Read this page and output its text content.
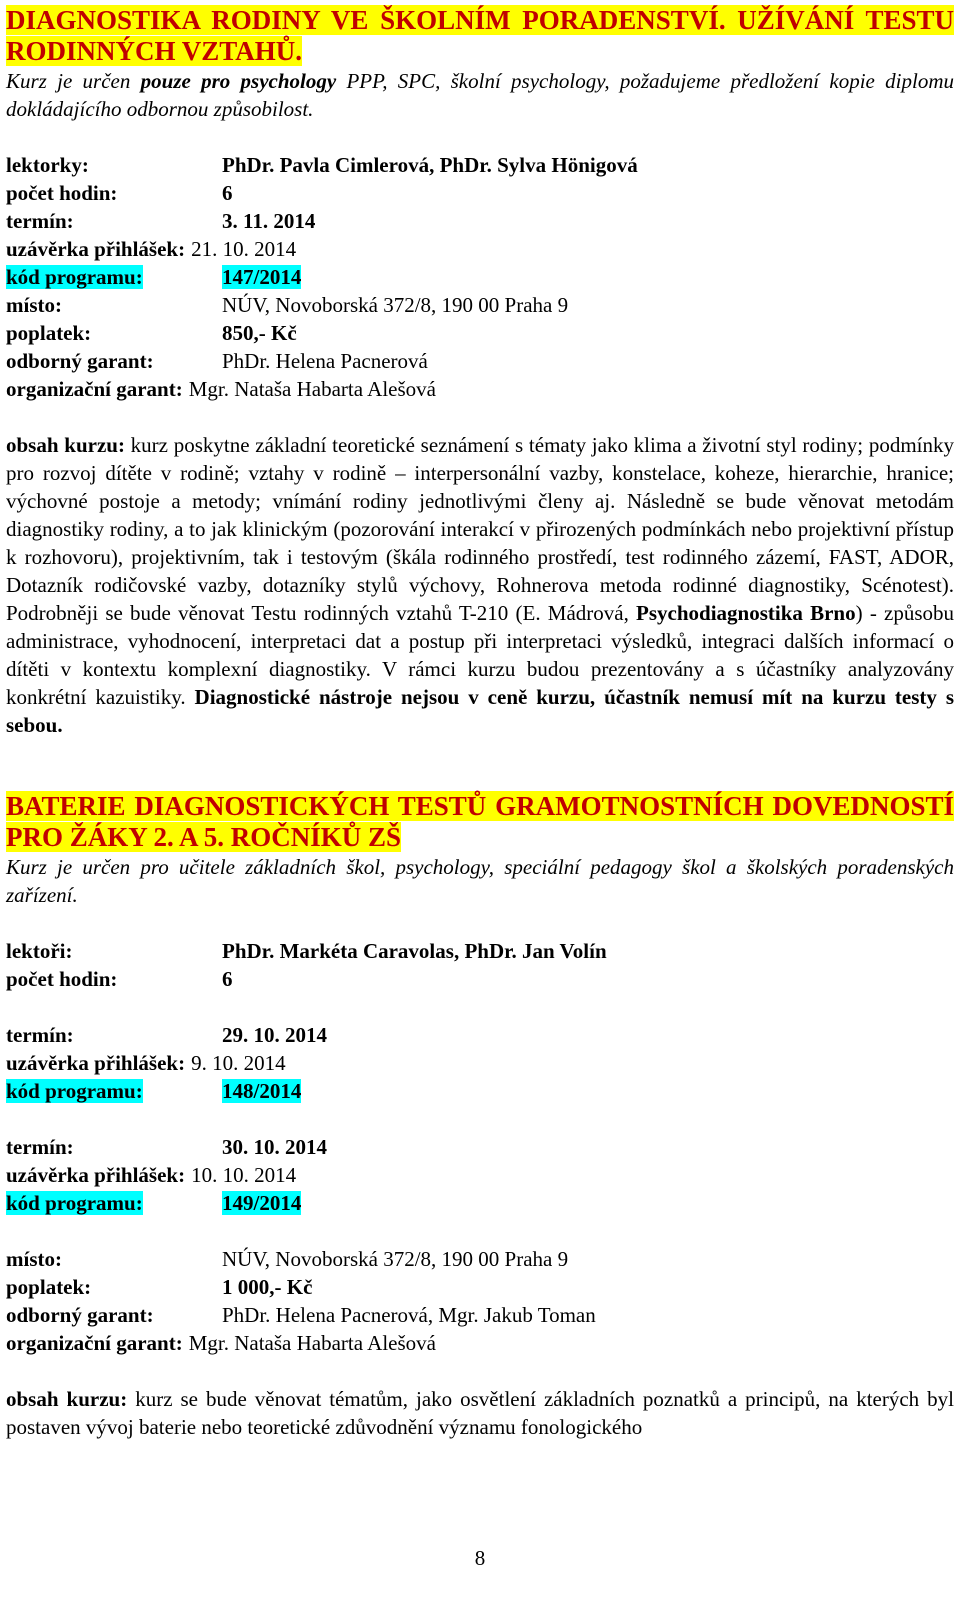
DIAGNOSTIKA RODINY VE ŠKOLNÍM PORADENSTVÍ. UŽÍVÁNÍ TESTU RODINNÝCH VZTAHŮ.

Kurz je určen pouze pro psychology PPP, SPC, školní psychology, požadujeme předložení kopie diplomu dokládajícího odbornou způsobilost.

lektorky:	PhDr. Pavla Cimlerová, PhDr. Sylva Hönigová
počet hodin:	6
termín:	3. 11. 2014
uzávěrka přihlášek: 21. 10. 2014
kód programu:	147/2014
místo:	NÚV, Novoborská 372/8, 190 00 Praha 9
poplatek:	850,- Kč
odborný garant:	PhDr. Helena Pacnerová
organizační garant: Mgr. Nataša Habarta Alešová

obsah kurzu: kurz poskytne základní teoretické seznámení s tématy jako klima a životní styl rodiny; podmínky pro rozvoj dítěte v rodině; vztahy v rodině – interpersonální vazby, konstelace, koheze, hierarchie, hranice; výchovné postoje a metody; vnímání rodiny jednotlivými členy aj. Následně se bude věnovat metodám diagnostiky rodiny, a to jak klinickým (pozorování interakcí v přirozených podmínkách nebo projektivní přístup k rozhovoru), projektivním, tak i testovým (škála rodinného prostředí, test rodinného zázemí, FAST, ADOR, Dotazník rodičovské vazby, dotazníky stylů výchovy, Rohnerova metoda rodinné diagnostiky, Scénotest). Podrobněji se bude věnovat Testu rodinných vztahů T-210 (E. Mádrová, Psychodiagnostika Brno) - způsobu administrace, vyhodnocení, interpretaci dat a postup při interpretaci výsledků, integraci dalších informací o dítěti v kontextu komplexní diagnostiky. V rámci kurzu budou prezentovány a s účastníky analyzovány konkrétní kazuistiky. Diagnostické nástroje nejsou v ceně kurzu, účastník nemusí mít na kurzu testy s sebou.

BATERIE DIAGNOSTICKÝCH TESTŮ GRAMOTNOSTNÍCH DOVEDNOSTÍ PRO ŽÁKY 2. A 5. ROČNÍKŮ ZŠ

Kurz je určen pro učitele základních škol, psychology, speciální pedagogy škol a školských poradenských zařízení.

lektoři:	PhDr. Markéta Caravolas, PhDr. Jan Volín
počet hodin:	6
termín:	29. 10. 2014
uzávěrka přihlášek: 9. 10. 2014
kód programu:	148/2014
termín:	30. 10. 2014
uzávěrka přihlášek: 10. 10. 2014
kód programu:	149/2014
místo:	NÚV, Novoborská 372/8, 190 00 Praha 9
poplatek:	1 000,- Kč
odborný garant:	PhDr. Helena Pacnerová, Mgr. Jakub Toman
organizační garant: Mgr. Nataša Habarta Alešová

obsah kurzu: kurz se bude věnovat tématům, jako osvětlení základních poznatků a principů, na kterých byl postaven vývoj baterie nebo teoretické zdůvodnění významu fonologického

8
